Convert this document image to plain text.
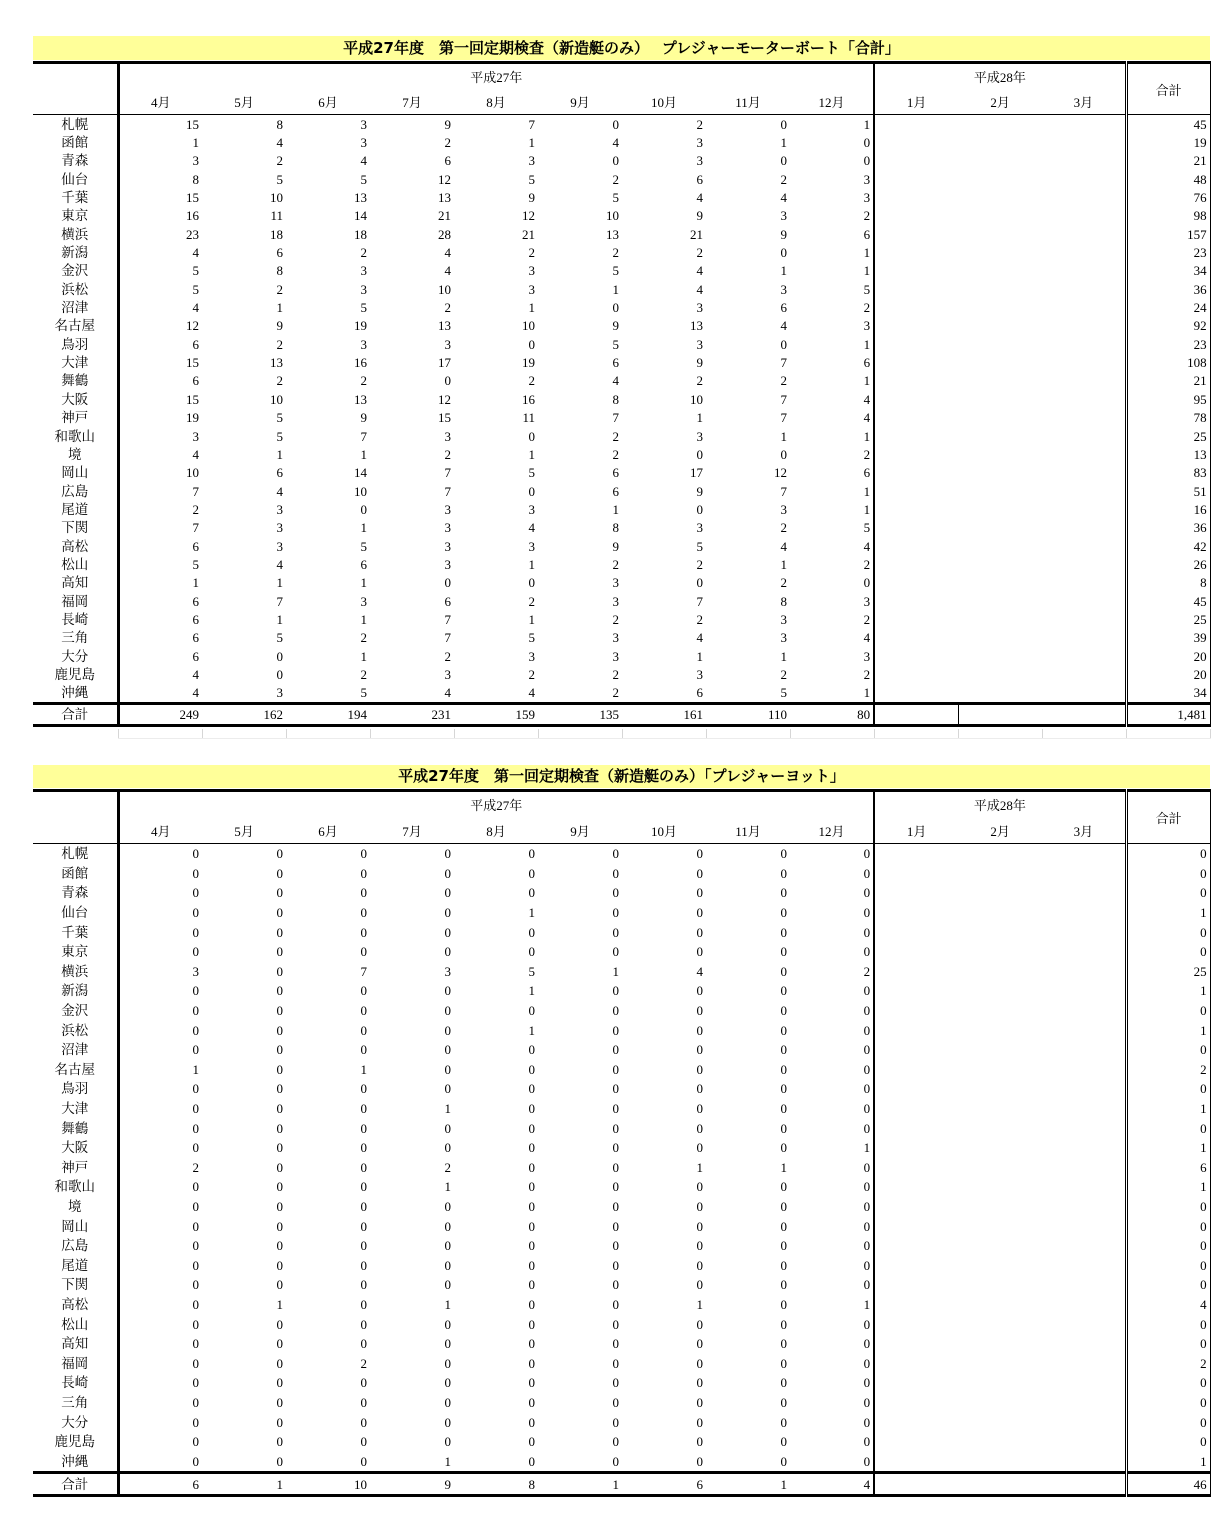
平成27年度　第一回定期検査（新造艇のみ）　 プレジャーモーターボート「合計」
	平成27年									平成28年			合計
	4月	5月	6月	7月	8月	9月	10月	11月	12月	1月	2月	3月	
札幌	15	8	3	9	7	0	2	0	1				45
函館	1	4	3	2	1	4	3	1	0				19
青森	3	2	4	6	3	0	3	0	0				21
仙台	8	5	5	12	5	2	6	2	3				48
千葉	15	10	13	13	9	5	4	4	3				76
東京	16	11	14	21	12	10	9	3	2				98
横浜	23	18	18	28	21	13	21	9	6				157
新潟	4	6	2	4	2	2	2	0	1				23
金沢	5	8	3	4	3	5	4	1	1				34
浜松	5	2	3	10	3	1	4	3	5				36
沼津	4	1	5	2	1	0	3	6	2				24
名古屋	12	9	19	13	10	9	13	4	3				92
鳥羽	6	2	3	3	0	5	3	0	1				23
大津	15	13	16	17	19	6	9	7	6				108
舞鶴	6	2	2	0	2	4	2	2	1				21
大阪	15	10	13	12	16	8	10	7	4				95
神戸	19	5	9	15	11	7	1	7	4				78
和歌山	3	5	7	3	0	2	3	1	1				25
境	4	1	1	2	1	2	0	0	2				13
岡山	10	6	14	7	5	6	17	12	6				83
広島	7	4	10	7	0	6	9	7	1				51
尾道	2	3	0	3	3	1	0	3	1				16
下関	7	3	1	3	4	8	3	2	5				36
高松	6	3	5	3	3	9	5	4	4				42
松山	5	4	6	3	1	2	2	1	2				26
高知	1	1	1	0	0	3	0	2	0				8
福岡	6	7	3	6	2	3	7	8	3				45
長崎	6	1	1	7	1	2	2	3	2				25
三角	6	5	2	7	5	3	4	3	4				39
大分	6	0	1	2	3	3	1	1	3				20
鹿児島	4	0	2	3	2	2	3	2	2				20
沖縄	4	3	5	4	4	2	6	5	1				34
合計	249	162	194	231	159	135	161	110	80				1,481
平成27年度　第一回定期検査（新造艇のみ）「プレジャーヨット」
	平成27年									平成28年			合計
	4月	5月	6月	7月	8月	9月	10月	11月	12月	1月	2月	3月	
札幌	0	0	0	0	0	0	0	0	0				0
函館	0	0	0	0	0	0	0	0	0				0
青森	0	0	0	0	0	0	0	0	0				0
仙台	0	0	0	0	1	0	0	0	0				1
千葉	0	0	0	0	0	0	0	0	0				0
東京	0	0	0	0	0	0	0	0	0				0
横浜	3	0	7	3	5	1	4	0	2				25
新潟	0	0	0	0	1	0	0	0	0				1
金沢	0	0	0	0	0	0	0	0	0				0
浜松	0	0	0	0	1	0	0	0	0				1
沼津	0	0	0	0	0	0	0	0	0				0
名古屋	1	0	1	0	0	0	0	0	0				2
鳥羽	0	0	0	0	0	0	0	0	0				0
大津	0	0	0	1	0	0	0	0	0				1
舞鶴	0	0	0	0	0	0	0	0	0				0
大阪	0	0	0	0	0	0	0	0	1				1
神戸	2	0	0	2	0	0	1	1	0				6
和歌山	0	0	0	1	0	0	0	0	0				1
境	0	0	0	0	0	0	0	0	0				0
岡山	0	0	0	0	0	0	0	0	0				0
広島	0	0	0	0	0	0	0	0	0				0
尾道	0	0	0	0	0	0	0	0	0				0
下関	0	0	0	0	0	0	0	0	0				0
高松	0	1	0	1	0	0	1	0	1				4
松山	0	0	0	0	0	0	0	0	0				0
高知	0	0	0	0	0	0	0	0	0				0
福岡	0	0	2	0	0	0	0	0	0				2
長崎	0	0	0	0	0	0	0	0	0				0
三角	0	0	0	0	0	0	0	0	0				0
大分	0	0	0	0	0	0	0	0	0				0
鹿児島	0	0	0	0	0	0	0	0	0				0
沖縄	0	0	0	1	0	0	0	0	0				1
合計	6	1	10	9	8	1	6	1	4				46
